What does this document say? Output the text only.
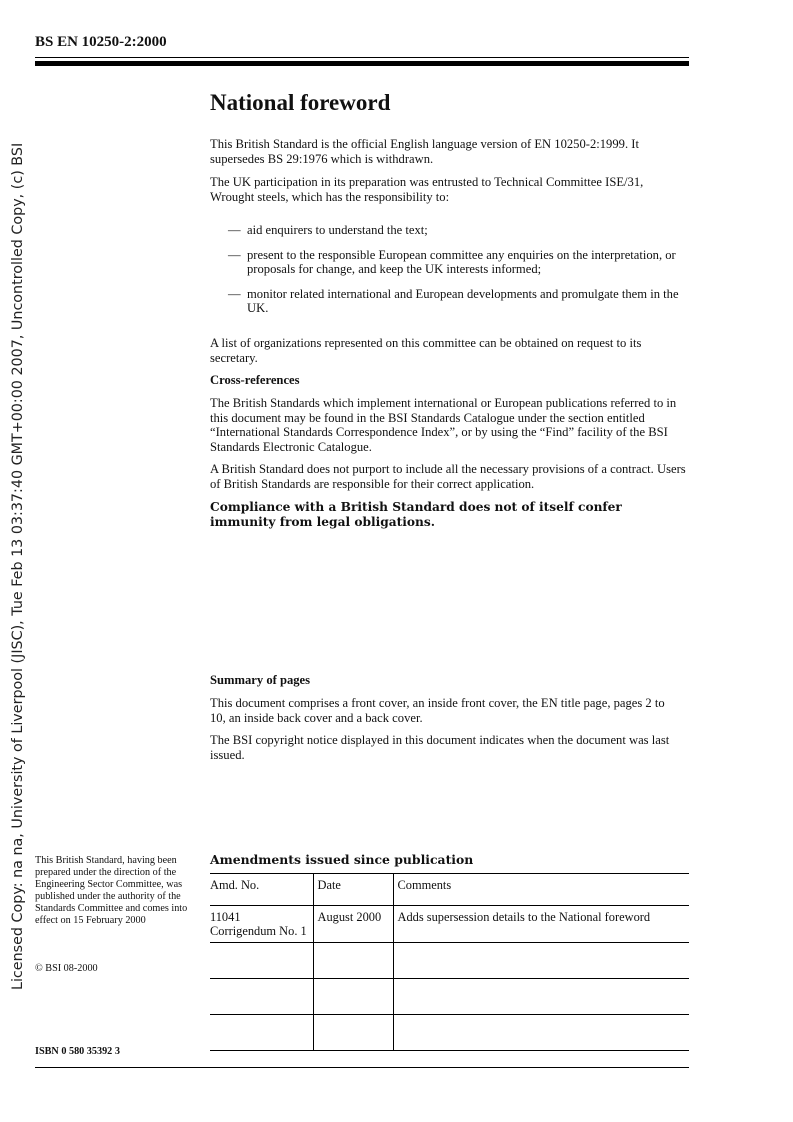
BS EN 10250-2:2000
Licensed Copy: na na, University of Liverpool (JISC), Tue Feb 13 03:37:40 GMT+00:00 2007, Uncontrolled Copy, (c) BSI
National foreword
This British Standard is the official English language version of EN 10250-2:1999. It supersedes BS 29:1976 which is withdrawn.
The UK participation in its preparation was entrusted to Technical Committee ISE/31, Wrought steels, which has the responsibility to:
— aid enquirers to understand the text;
— present to the responsible European committee any enquiries on the interpretation, or proposals for change, and keep the UK interests informed;
— monitor related international and European developments and promulgate them in the UK.
A list of organizations represented on this committee can be obtained on request to its secretary.
Cross-references
The British Standards which implement international or European publications referred to in this document may be found in the BSI Standards Catalogue under the section entitled “International Standards Correspondence Index”, or by using the “Find” facility of the BSI Standards Electronic Catalogue.
A British Standard does not purport to include all the necessary provisions of a contract. Users of British Standards are responsible for their correct application.
Compliance with a British Standard does not of itself confer immunity from legal obligations.
Summary of pages
This document comprises a front cover, an inside front cover, the EN title page, pages 2 to 10, an inside back cover and a back cover.
The BSI copyright notice displayed in this document indicates when the document was last issued.
This British Standard, having been prepared under the direction of the Engineering Sector Committee, was published under the authority of the Standards Committee and comes into effect on 15 February 2000
© BSI 08-2000
ISBN 0 580 35392 3
Amendments issued since publication
Amd. No.	Date	Comments
11041
Corrigendum No. 1	August 2000	Adds supersession details to the National foreword
